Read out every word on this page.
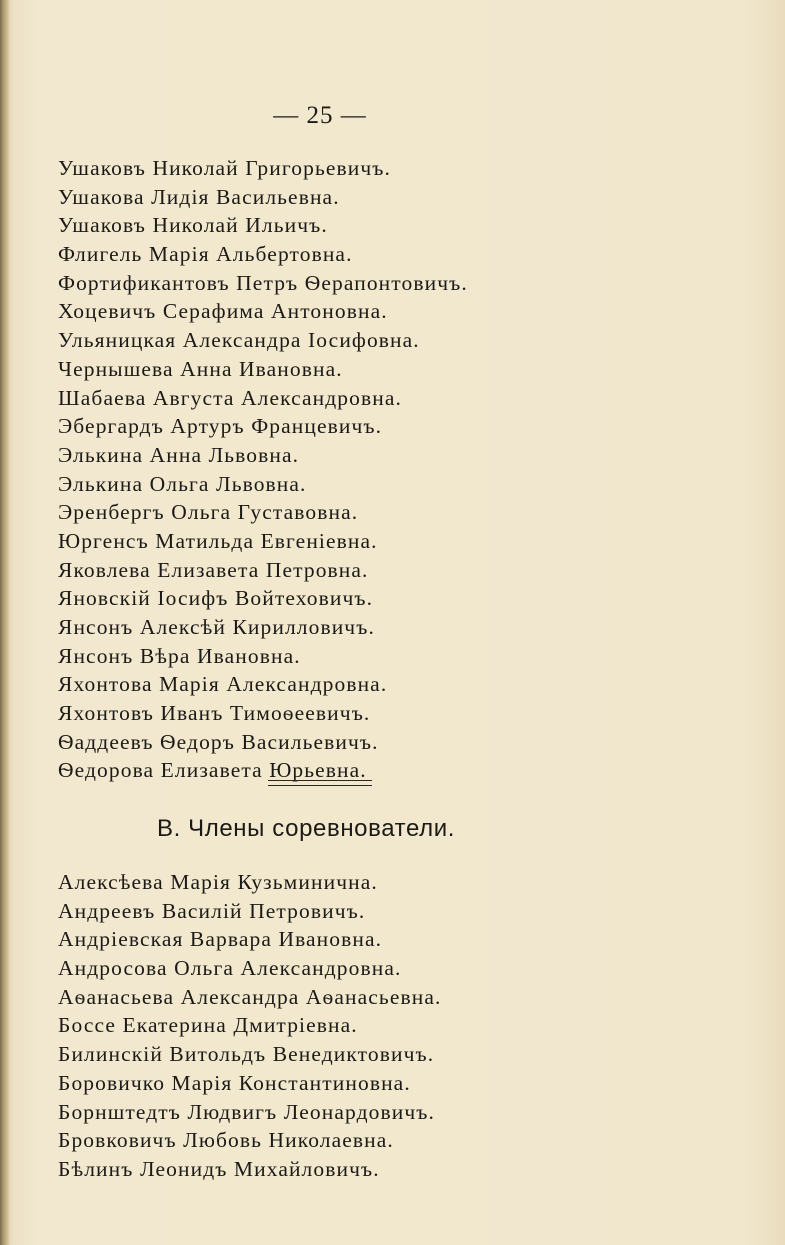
— 25 —
Ушаковъ Николай Григорьевичъ.
Ушакова Лидія Васильевна.
Ушаковъ Николай Ильичъ.
Флигель Марія Альбертовна.
Фортификантовъ Петръ Ѳерапонтовичъ.
Хоцевичъ Серафима Антоновна.
Ульяницкая Александра Іосифовна.
Чернышева Анна Ивановна.
Шабаева Августа Александровна.
Эбергардъ Артуръ Францевичъ.
Элькина Анна Львовна.
Элькина Ольга Львовна.
Эренбергъ Ольга Густавовна.
Юргенсъ Матильда Евгеніевна.
Яковлева Елизавета Петровна.
Яновскій Іосифъ Войтеховичъ.
Янсонъ Алексѣй Кирилловичъ.
Янсонъ Вѣра Ивановна.
Яхонтова Марія Александровна.
Яхонтовъ Иванъ Тимоѳеевичъ.
Ѳаддеевъ Ѳедоръ Васильевичъ.
Ѳедорова Елизавета Юрьевна.
В. Члены соревнователи.
Алексѣева Марія Кузьминична.
Андреевъ Василій Петровичъ.
Андріевская Варвара Ивановна.
Андросова Ольга Александровна.
Аѳанасьева Александра Аѳанасьевна.
Боссе Екатерина Дмитріевна.
Билинскій Витольдъ Венедиктовичъ.
Боровичко Марія Константиновна.
Борнштедтъ Людвигъ Леонардовичъ.
Бровковичъ Любовь Николаевна.
Бѣлинъ Леонидъ Михайловичъ.
